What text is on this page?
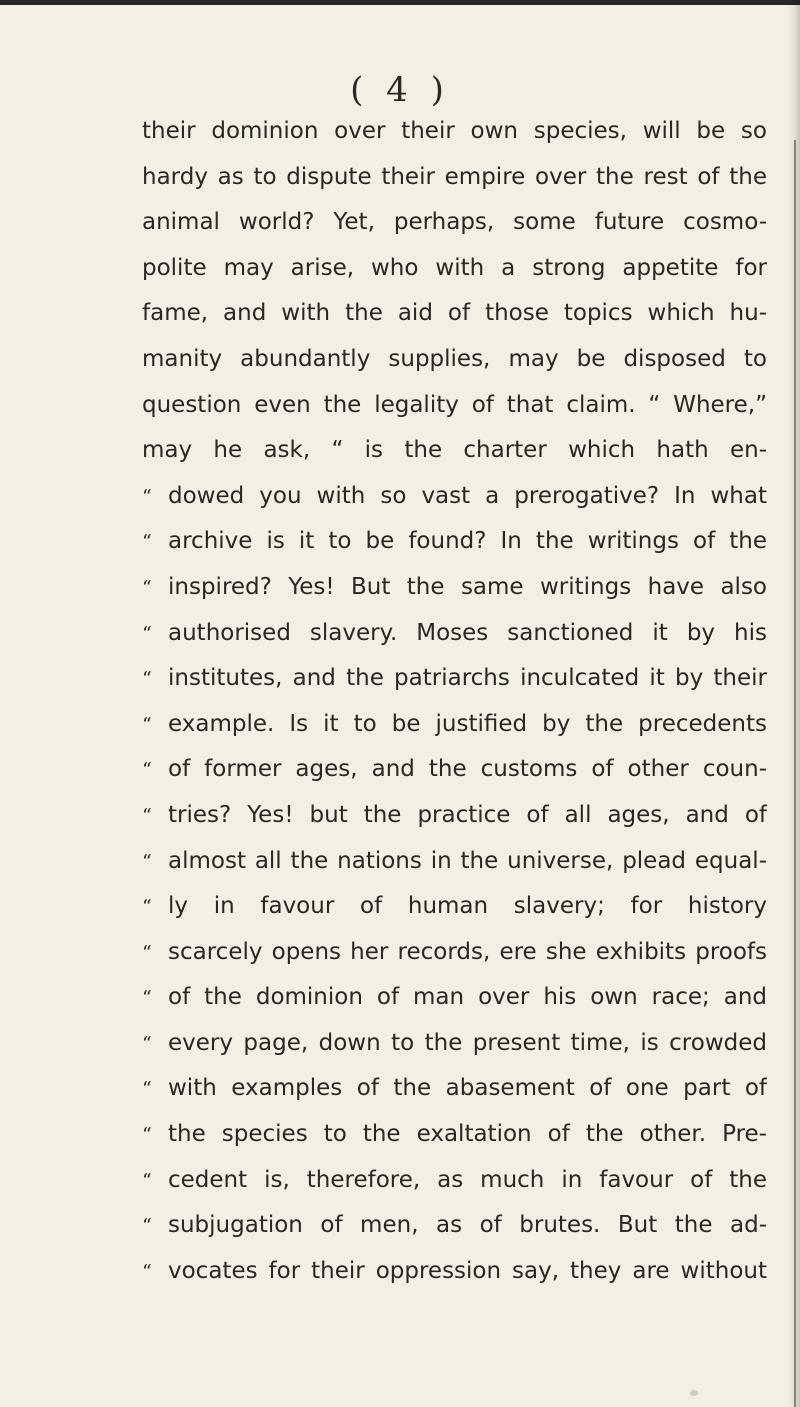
( 4 )
their dominion over their own species, will be so
hardy as to dispute their empire over the rest of the
animal world? Yet, perhaps, some future cosmo-
polite may arise, who with a strong appetite for
fame, and with the aid of those topics which hu-
manity abundantly supplies, may be disposed to
question even the legality of that claim. “ Where,”
may he ask, “ is the charter which hath en-
“ dowed you with so vast a prerogative? In what
“ archive is it to be found? In the writings of the
“ inspired? Yes! But the same writings have also
“ authorised slavery. Moses sanctioned it by his
“ institutes, and the patriarchs inculcated it by their
“ example. Is it to be justified by the precedents
“ of former ages, and the customs of other coun-
“ tries? Yes! but the practice of all ages, and of
“ almost all the nations in the universe, plead equal-
“ ly in favour of human slavery; for history
“ scarcely opens her records, ere she exhibits proofs
“ of the dominion of man over his own race; and
“ every page, down to the present time, is crowded
“ with examples of the abasement of one part of
“ the species to the exaltation of the other. Pre-
“ cedent is, therefore, as much in favour of the
“ subjugation of men, as of brutes. But the ad-
“ vocates for their oppression say, they are without
